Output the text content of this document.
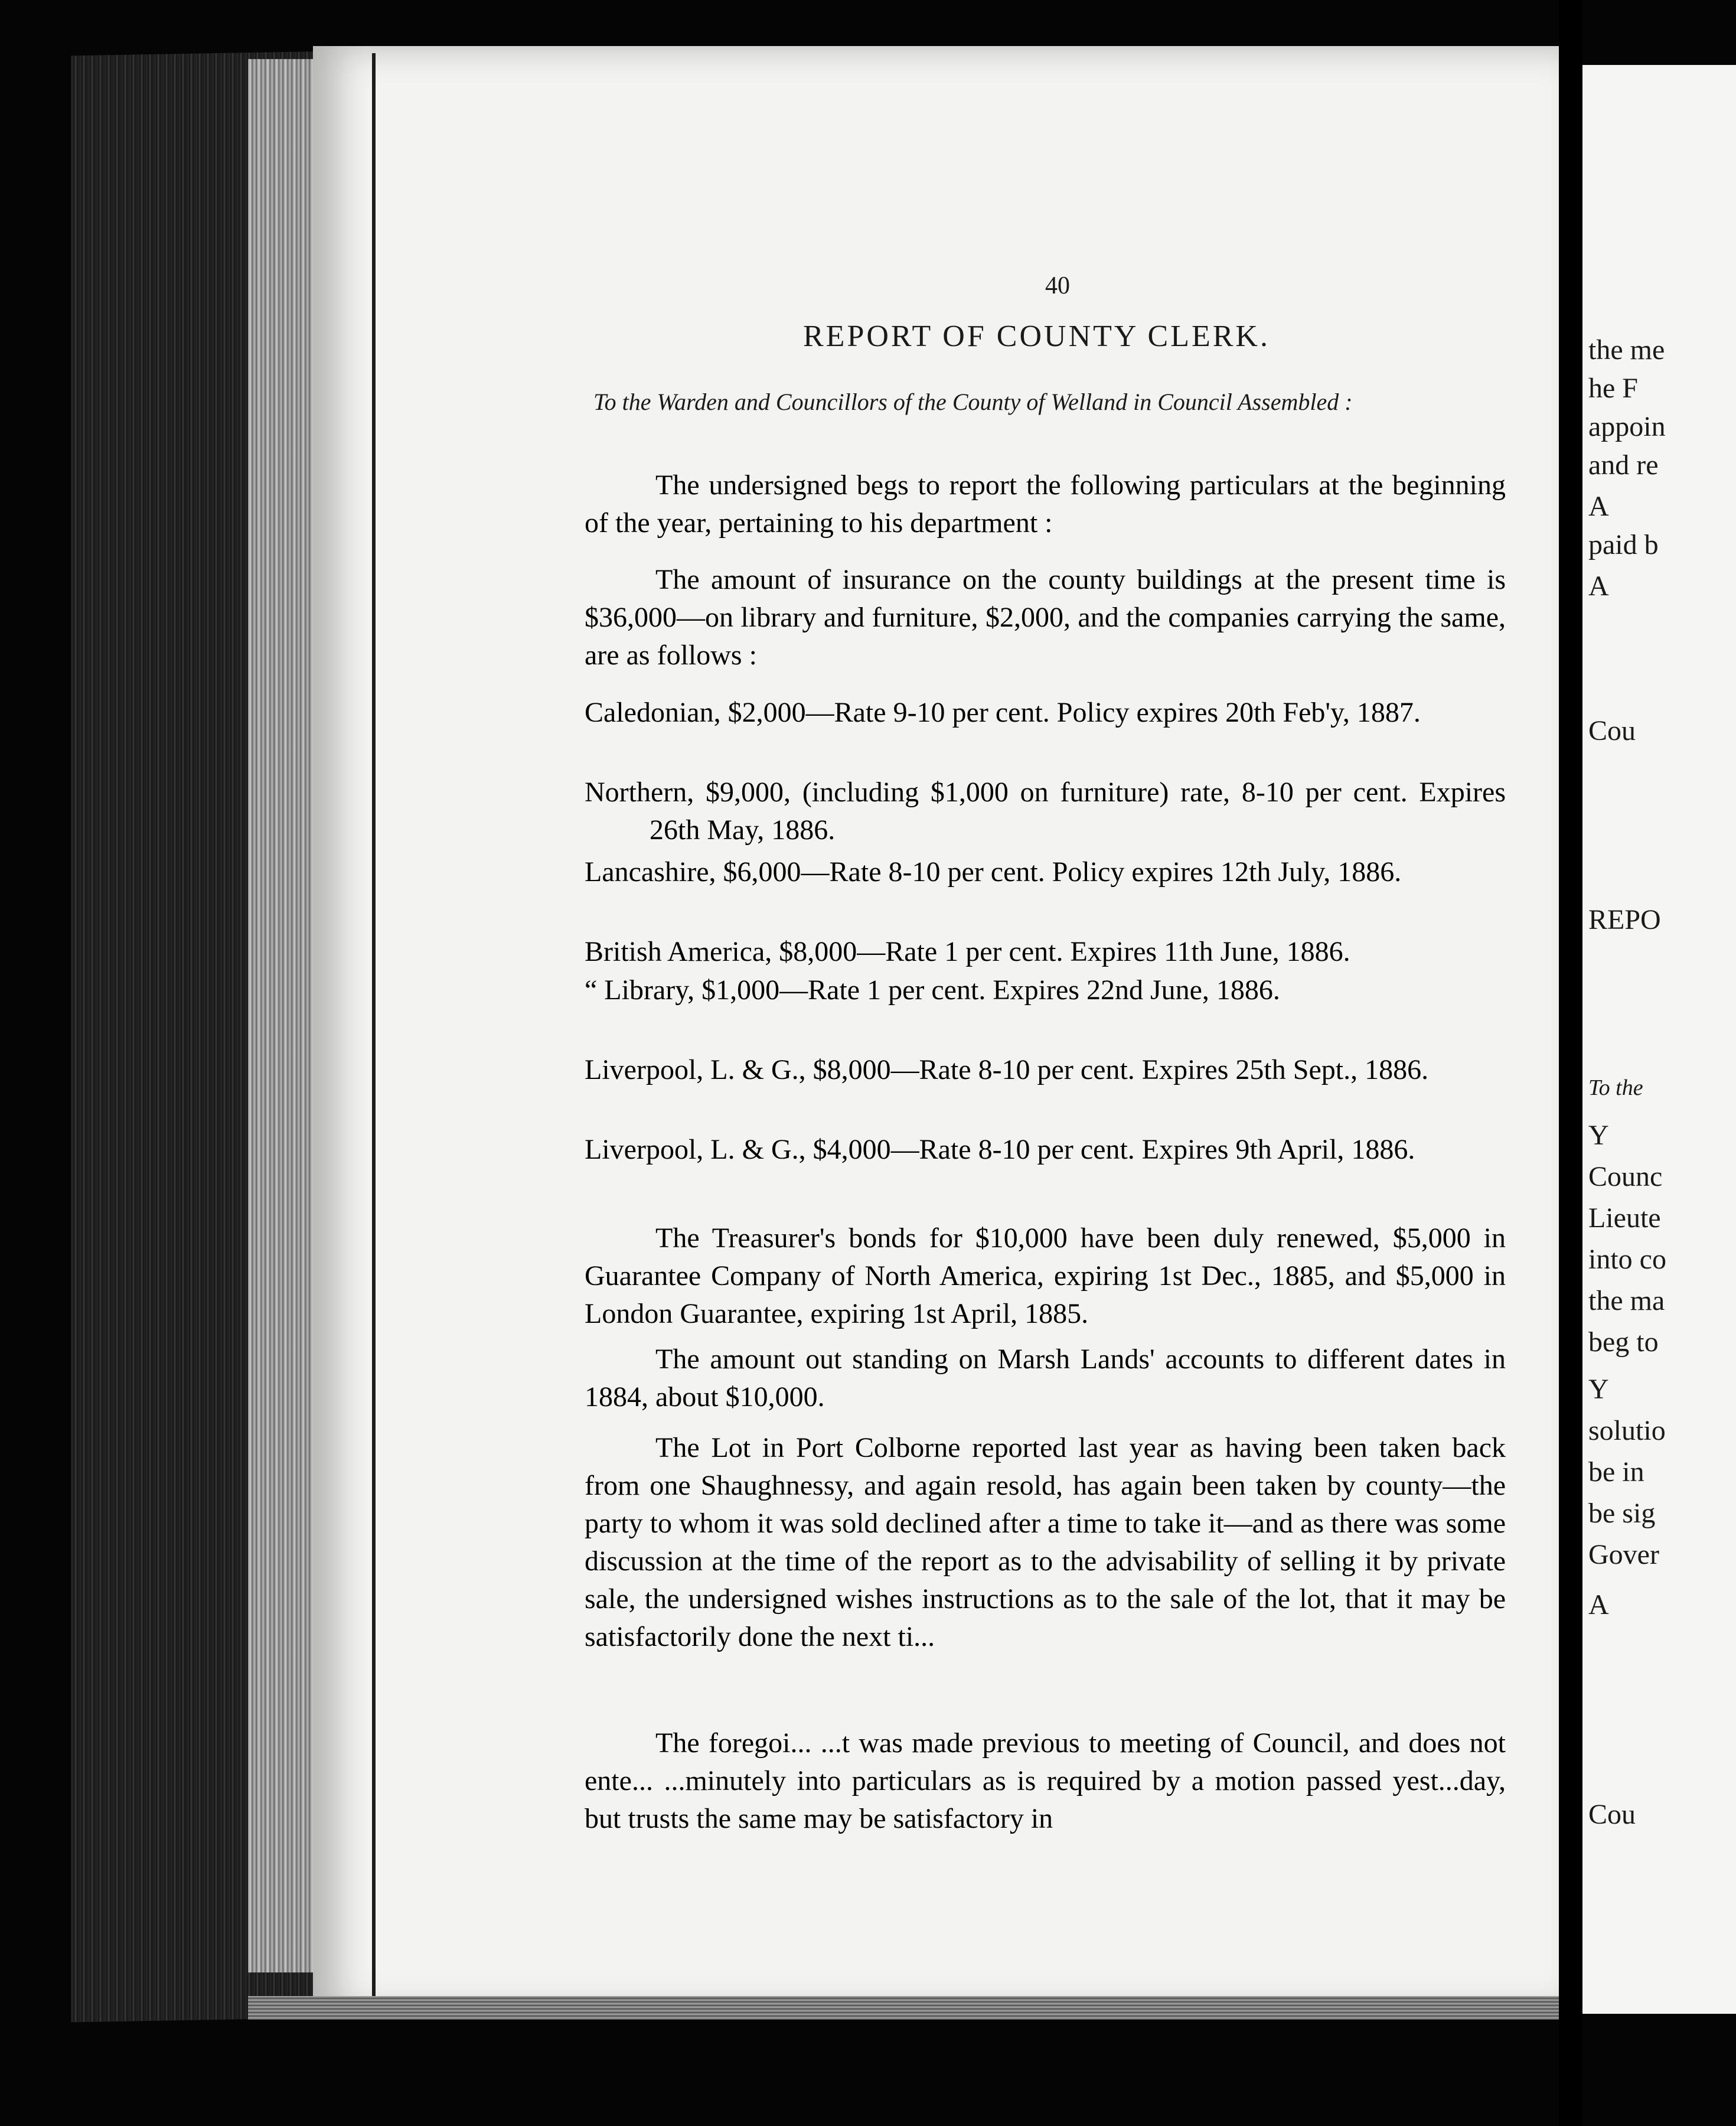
40
REPORT OF COUNTY CLERK.
To the Warden and Councillors of the County of Welland in Council Assembled :
The undersigned begs to report the following particulars at the beginning of the year, pertaining to his department :
The amount of insurance on the county buildings at the present time is $36,000—on library and furniture, $2,000, and the companies carrying the same, are as follows :
Caledonian, $2,000—Rate 9-10 per cent. Policy expires 20th Feb'y, 1887.
Northern, $9,000, (including $1,000 on furniture) rate, 8-10 per cent. Expires 26th May, 1886.
Lancashire, $6,000—Rate 8-10 per cent. Policy expires 12th July, 1886.
British America, $8,000—Rate 1 per cent. Expires 11th June, 1886.
“ Library, $1,000—Rate 1 per cent. Expires 22nd June, 1886.
Liverpool, L. & G., $8,000—Rate 8-10 per cent. Expires 25th Sept., 1886.
Liverpool, L. & G., $4,000—Rate 8-10 per cent. Expires 9th April, 1886.
The Treasurer's bonds for $10,000 have been duly renewed, $5,000 in Guarantee Company of North America, expiring 1st Dec., 1885, and $5,000 in London Guarantee, expiring 1st April, 1885.
The amount out standing on Marsh Lands' accounts to different dates in 1884, about $10,000.
The Lot in Port Colborne reported last year as having been taken back from one Shaughnessy, and again resold, has again been taken by county—the party to whom it was sold declined after a time to take it—and as there was some discussion at the time of the report as to the advisability of selling it by private sale, the undersigned wishes instructions as to the sale of the lot, that it may be satisfactorily done the next ti...
The foregoi... ...t was made previous to meeting of Council, and does not ente... ...minutely into particulars as is required by a motion passed yest...day, but trusts the same may be satisfactory in
the me
he F
appoin
and re
A
paid b
A
Cou
REPO
To the
Y
Counc
Lieute
into co
the ma
beg to
Y
solutio
be in
be sig
Gover
A
Cou
